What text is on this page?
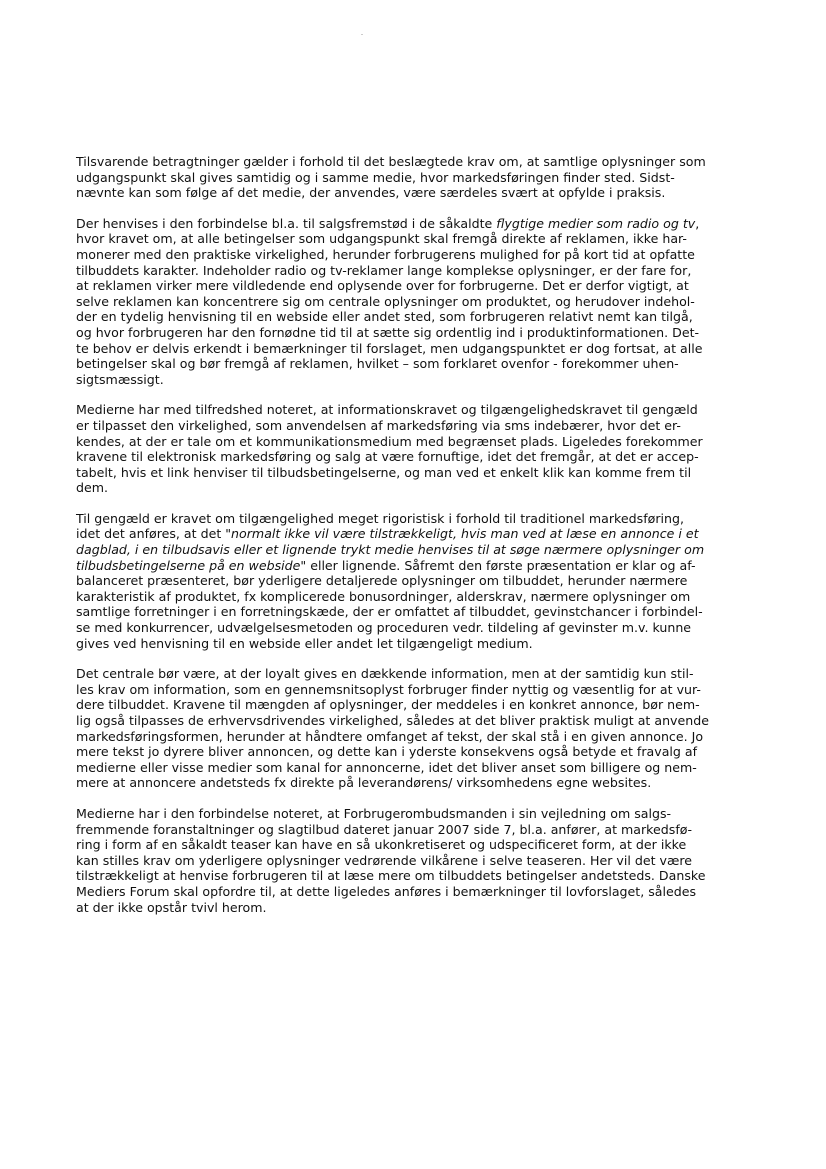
Tilsvarende betragtninger gælder i forhold til det beslægtede krav om, at samtlige oplysninger som
udgangspunkt skal gives samtidig og i samme medie, hvor markedsføringen finder sted. Sidst-
nævnte kan som følge af det medie, der anvendes, være særdeles svært at opfylde i praksis.
Der henvises i den forbindelse bl.a. til salgsfremstød i de såkaldte flygtige medier som radio og tv,
hvor kravet om, at alle betingelser som udgangspunkt skal fremgå direkte af reklamen, ikke har-
monerer med den praktiske virkelighed, herunder forbrugerens mulighed for på kort tid at opfatte
tilbuddets karakter. Indeholder radio og tv-reklamer lange komplekse oplysninger, er der fare for,
at reklamen virker mere vildledende end oplysende over for forbrugerne. Det er derfor vigtigt, at
selve reklamen kan koncentrere sig om centrale oplysninger om produktet, og herudover indehol-
der en tydelig henvisning til en webside eller andet sted, som forbrugeren relativt nemt kan tilgå,
og hvor forbrugeren har den fornødne tid til at sætte sig ordentlig ind i produktinformationen. Det-
te behov er delvis erkendt i bemærkninger til forslaget, men udgangspunktet er dog fortsat, at alle
betingelser skal og bør fremgå af reklamen, hvilket – som forklaret ovenfor - forekommer uhen-
sigtsmæssigt.
Medierne har med tilfredshed noteret, at informationskravet og tilgængelighedskravet til gengæld
er tilpasset den virkelighed, som anvendelsen af markedsføring via sms indebærer, hvor det er-
kendes, at der er tale om et kommunikationsmedium med begrænset plads. Ligeledes forekommer
kravene til elektronisk markedsføring og salg at være fornuftige, idet det fremgår, at det er accep-
tabelt, hvis et link henviser til tilbudsbetingelserne, og man ved et enkelt klik kan komme frem til
dem.
Til gengæld er kravet om tilgængelighed meget rigoristisk i forhold til traditionel markedsføring,
idet det anføres, at det "normalt ikke vil være tilstrækkeligt, hvis man ved at læse en annonce i et
dagblad, i en tilbudsavis eller et lignende trykt medie henvises til at søge nærmere oplysninger om
tilbudsbetingelserne på en webside" eller lignende. Såfremt den første præsentation er klar og af-
balanceret præsenteret, bør yderligere detaljerede oplysninger om tilbuddet, herunder nærmere
karakteristik af produktet, fx komplicerede bonusordninger, alderskrav, nærmere oplysninger om
samtlige forretninger i en forretningskæde, der er omfattet af tilbuddet, gevinstchancer i forbindel-
se med konkurrencer, udvælgelsesmetoden og proceduren vedr. tildeling af gevinster m.v. kunne
gives ved henvisning til en webside eller andet let tilgængeligt medium.
Det centrale bør være, at der loyalt gives en dækkende information, men at der samtidig kun stil-
les krav om information, som en gennemsnitsoplyst forbruger finder nyttig og væsentlig for at vur-
dere tilbuddet. Kravene til mængden af oplysninger, der meddeles i en konkret annonce, bør nem-
lig også tilpasses de erhvervsdrivendes virkelighed, således at det bliver praktisk muligt at anvende
markedsføringsformen, herunder at håndtere omfanget af tekst, der skal stå i en given annonce. Jo
mere tekst jo dyrere bliver annoncen, og dette kan i yderste konsekvens også betyde et fravalg af
medierne eller visse medier som kanal for annoncerne, idet det bliver anset som billigere og nem-
mere at annoncere andetsteds fx direkte på leverandørens/ virksomhedens egne websites.
Medierne har i den forbindelse noteret, at Forbrugerombudsmanden i sin vejledning om salgs-
fremmende foranstaltninger og slagtilbud dateret januar 2007 side 7, bl.a. anfører, at markedsfø-
ring i form af en såkaldt teaser kan have en så ukonkretiseret og udspecificeret form, at der ikke
kan stilles krav om yderligere oplysninger vedrørende vilkårene i selve teaseren. Her vil det være
tilstrækkeligt at henvise forbrugeren til at læse mere om tilbuddets betingelser andetsteds. Danske
Mediers Forum skal opfordre til, at dette ligeledes anføres i bemærkninger til lovforslaget, således
at der ikke opstår tvivl herom.
